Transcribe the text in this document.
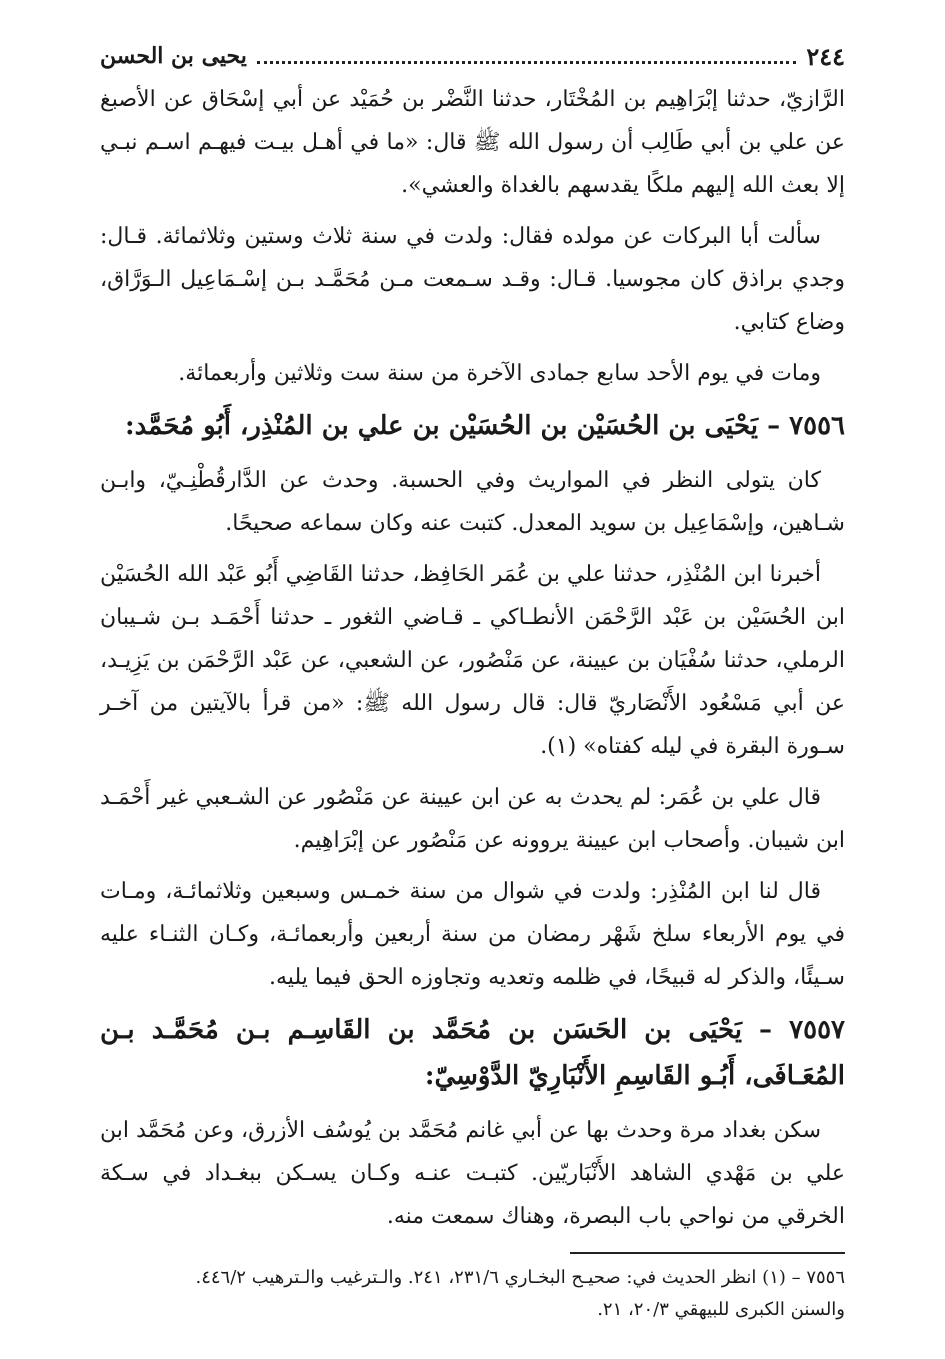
٢٤٤
يحيى بن الحسن

الرَّازيّ، حدثنا إبْرَاهِيم بن المُخْتَار، حدثنا النَّضْر بن حُمَيْد عن أبي إسْحَاق عن الأصبغ عن علي بن أبي طَالِب أن رسول الله ﷺ قال: «ما في أهـل بيـت فيهـم اسـم نبـي إلا بعث الله إليهم ملكًا يقدسهم بالغداة والعشي».

سألت أبا البركات عن مولده فقال: ولدت في سنة ثلاث وستين وثلاثمائة. قـال: وجدي براذق كان مجوسيا. قـال: وقـد سـمعت مـن مُحَمَّـد بـن إسْـمَاعِيل الـوَرَّاق، وضاع كتابي.

ومات في يوم الأحد سابع جمادى الآخرة من سنة ست وثلاثين وأربعمائة.

٧٥٥٦ – يَحْيَى بن الحُسَيْن بن الحُسَيْن بن علي بن المُنْذِر، أَبُو مُحَمَّد:

كان يتولى النظر في المواريث وفي الحسبة. وحدث عن الدَّارقُطْنِـيّ، وابـن شـاهين، وإسْمَاعِيل بن سويد المعدل. كتبت عنه وكان سماعه صحيحًا.

أخبرنا ابن المُنْذِر، حدثنا علي بن عُمَر الحَافِظ، حدثنا القَاضِي أَبُو عَبْد الله الحُسَيْن ابن الحُسَيْن بن عَبْد الرَّحْمَن الأنطـاكي ـ قـاضي الثغور ـ حدثنا أَحْمَـد بـن شـيبان الرملي، حدثنا سُفْيَان بن عيينة، عن مَنْصُور، عن الشعبي، عن عَبْد الرَّحْمَن بن يَزِيـد، عن أبي مَسْعُود الأَنْصَاريّ قال: قال رسول الله ﷺ: «من قرأ بالآيتين من آخـر سـورة البقرة في ليله كفتاه» (١).

قال علي بن عُمَر: لم يحدث به عن ابن عيينة عن مَنْصُور عن الشـعبي غير أَحْمَـد ابن شيبان. وأصحاب ابن عيينة يروونه عن مَنْصُور عن إبْرَاهِيم.

قال لنا ابن المُنْذِر: ولدت في شوال من سنة خمـس وسبعين وثلاثمائـة، ومـات في يوم الأربعاء سلخ شَهْر رمضان من سنة أربعين وأربعمائـة، وكـان الثنـاء عليه سـيئًا، والذكر له قبيحًا، في ظلمه وتعديه وتجاوزه الحق فيما يليه.

٧٥٥٧ – يَحْيَى بن الحَسَن بن مُحَمَّد بن القَاسِـم بـن مُحَمَّـد بـن المُعَـافَى، أَبُـو القَاسِمِ الأَنْبَارِيّ الدَّوْسِيّ:

سكن بغداد مرة وحدث بها عن أبي غانم مُحَمَّد بن يُوسُف الأزرق، وعن مُحَمَّد ابن علي بن مَهْدي الشاهد الأَنْبَاريّين. كتبـت عنـه وكـان يسـكن ببغـداد في سـكة الخرقي من نواحي باب البصرة، وهناك سمعت منه.

٧٥٥٦ – (١) انظر الحديث في: صحيـح البخـاري ٢٣١/٦، ٢٤١. والـترغيب والـترهيب ٤٤٦/٢.

والسنن الكبرى للبيهقي ٢٠/٣، ٢١.
